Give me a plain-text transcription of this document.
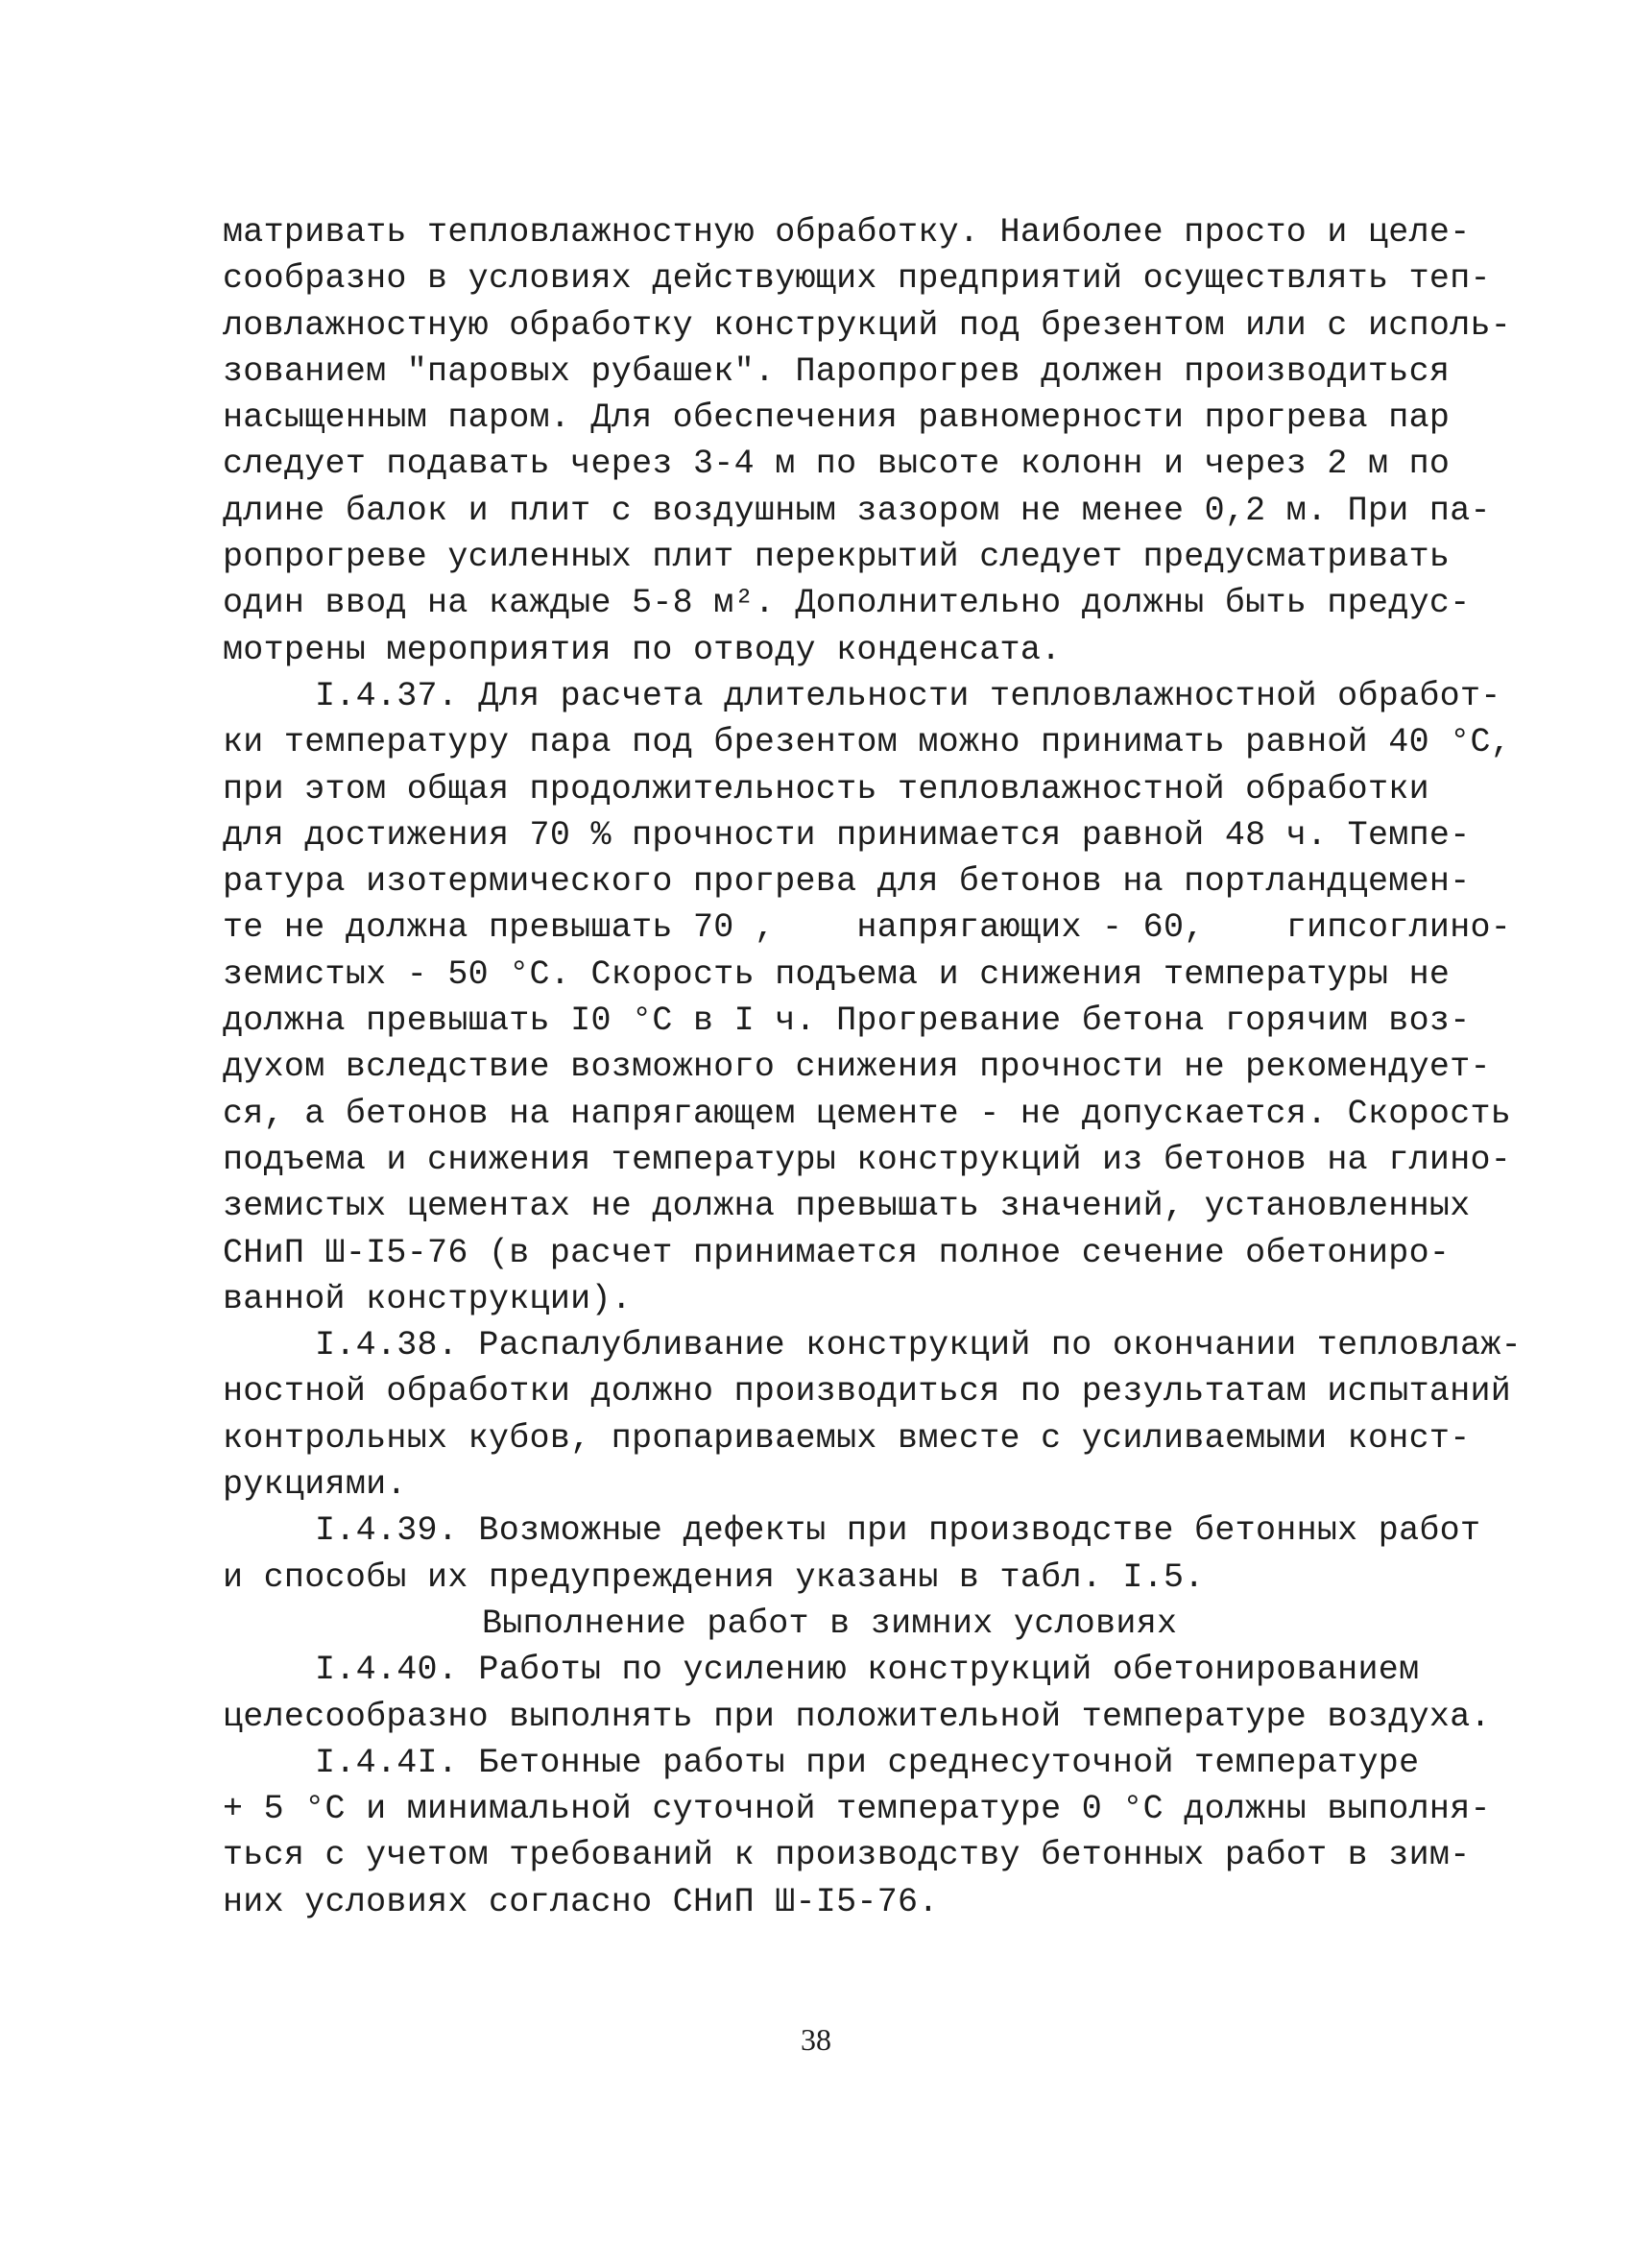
матривать тепловлажностную обработку. Наиболее просто и целе-
сообразно в условиях действующих предприятий осуществлять теп-
ловлажностную обработку конструкций под брезентом или с исполь-
зованием "паровых рубашек". Паропрогрев должен производиться
насыщенным паром. Для обеспечения равномерности прогрева пар
следует подавать через 3-4 м по высоте колонн и через 2 м по
длине балок и плит с воздушным зазором не менее 0,2 м. При па-
ропрогреве усиленных плит перекрытий следует предусматривать
один ввод на каждые 5-8 м². Дополнительно должны быть предус-
мотрены мероприятия по отводу конденсата.
I.4.37. Для расчета длительности тепловлажностной обработ-
ки температуру пара под брезентом можно принимать равной 40 °С,
при этом общая продолжительность тепловлажностной обработки
для достижения 70 % прочности принимается равной 48 ч. Темпе-
ратура изотермического прогрева для бетонов на портландцемен-
те не должна превышать 70 ,    напрягающих - 60,    гипсоглино-
земистых - 50 °С. Скорость подъема и снижения температуры не
должна превышать I0 °С в I ч. Прогревание бетона горячим воз-
духом вследствие возможного снижения прочности не рекомендует-
ся, а бетонов на напрягающем цементе - не допускается. Скорость
подъема и снижения температуры конструкций из бетонов на глино-
земистых цементах не должна превышать значений, установленных
СНиП Ш-I5-76 (в расчет принимается полное сечение обетониро-
ванной конструкции).
I.4.38. Распалубливание конструкций по окончании тепловлаж-
ностной обработки должно производиться по результатам испытаний
контрольных кубов, пропариваемых вместе с усиливаемыми конст-
рукциями.
I.4.39. Возможные дефекты при производстве бетонных работ
и способы их предупреждения указаны в табл. I.5.
Выполнение работ в зимних условиях
I.4.40. Работы по усилению конструкций обетонированием
целесообразно выполнять при положительной температуре воздуха.
I.4.4I. Бетонные работы при среднесуточной температуре
+ 5 °С и минимальной суточной температуре 0 °С должны выполня-
ться с учетом требований к производству бетонных работ в зим-
них условиях согласно СНиП Ш-I5-76.
38
